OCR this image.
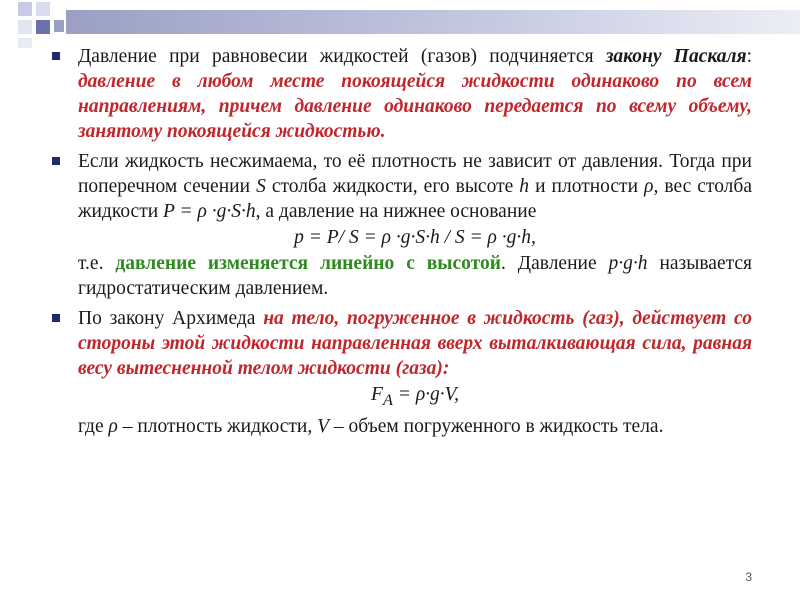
Давление при равновесии жидкостей (газов) подчиняется закону Паскаля: давление в любом месте покоящейся жидкости одинаково по всем направлениям, причем давление одинаково передается по всему объему, занятому покоящейся жидкостью.
Если жидкость несжимаема, то её плотность не зависит от давления. Тогда при поперечном сечении S столба жидкости, его высоте h и плотности ρ, вес столба жидкости P = ρ ·g·S·h, а давление на нижнее основание
p = P/ S = ρ ·g·S·h / S = ρ ·g·h,
т.е. давление изменяется линейно с высотой. Давление p·g·h называется гидростатическим давлением.
По закону Архимеда на тело, погруженное в жидкость (газ), действует со стороны этой жидкости направленная вверх выталкивающая сила, равная весу вытесненной телом жидкости (газа):
$F_A = \rho\cdot g\cdot V$,
где ρ – плотность жидкости, V – объем погруженного в жидкость тела.
3
